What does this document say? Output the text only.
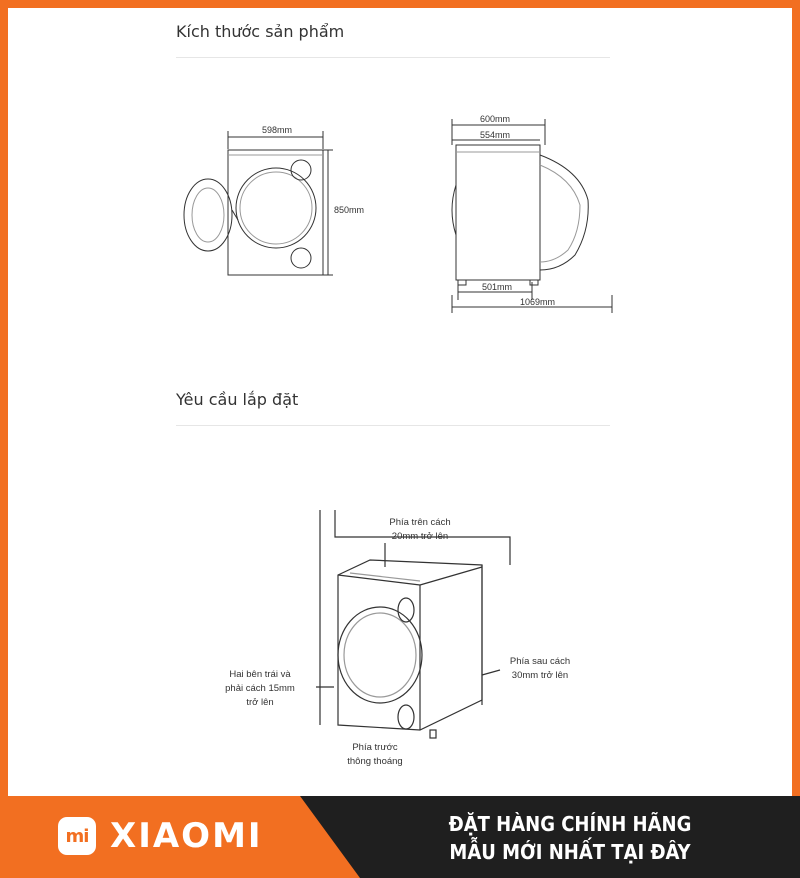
Kích thước sản phẩm
598mm
850mm
600mm
554mm
501mm
1069mm
Yêu cầu lắp đặt
Phía trên cách
20mm trở lên
Hai bên trái và
phải cách 15mm
trở lên
Phía sau cách
30mm trở lên
Phía trước
thông thoáng
mi XIAOMI	ĐẶT HÀNG CHÍNH HÃNG
MẪU MỚI NHẤT TẠI ĐÂY
